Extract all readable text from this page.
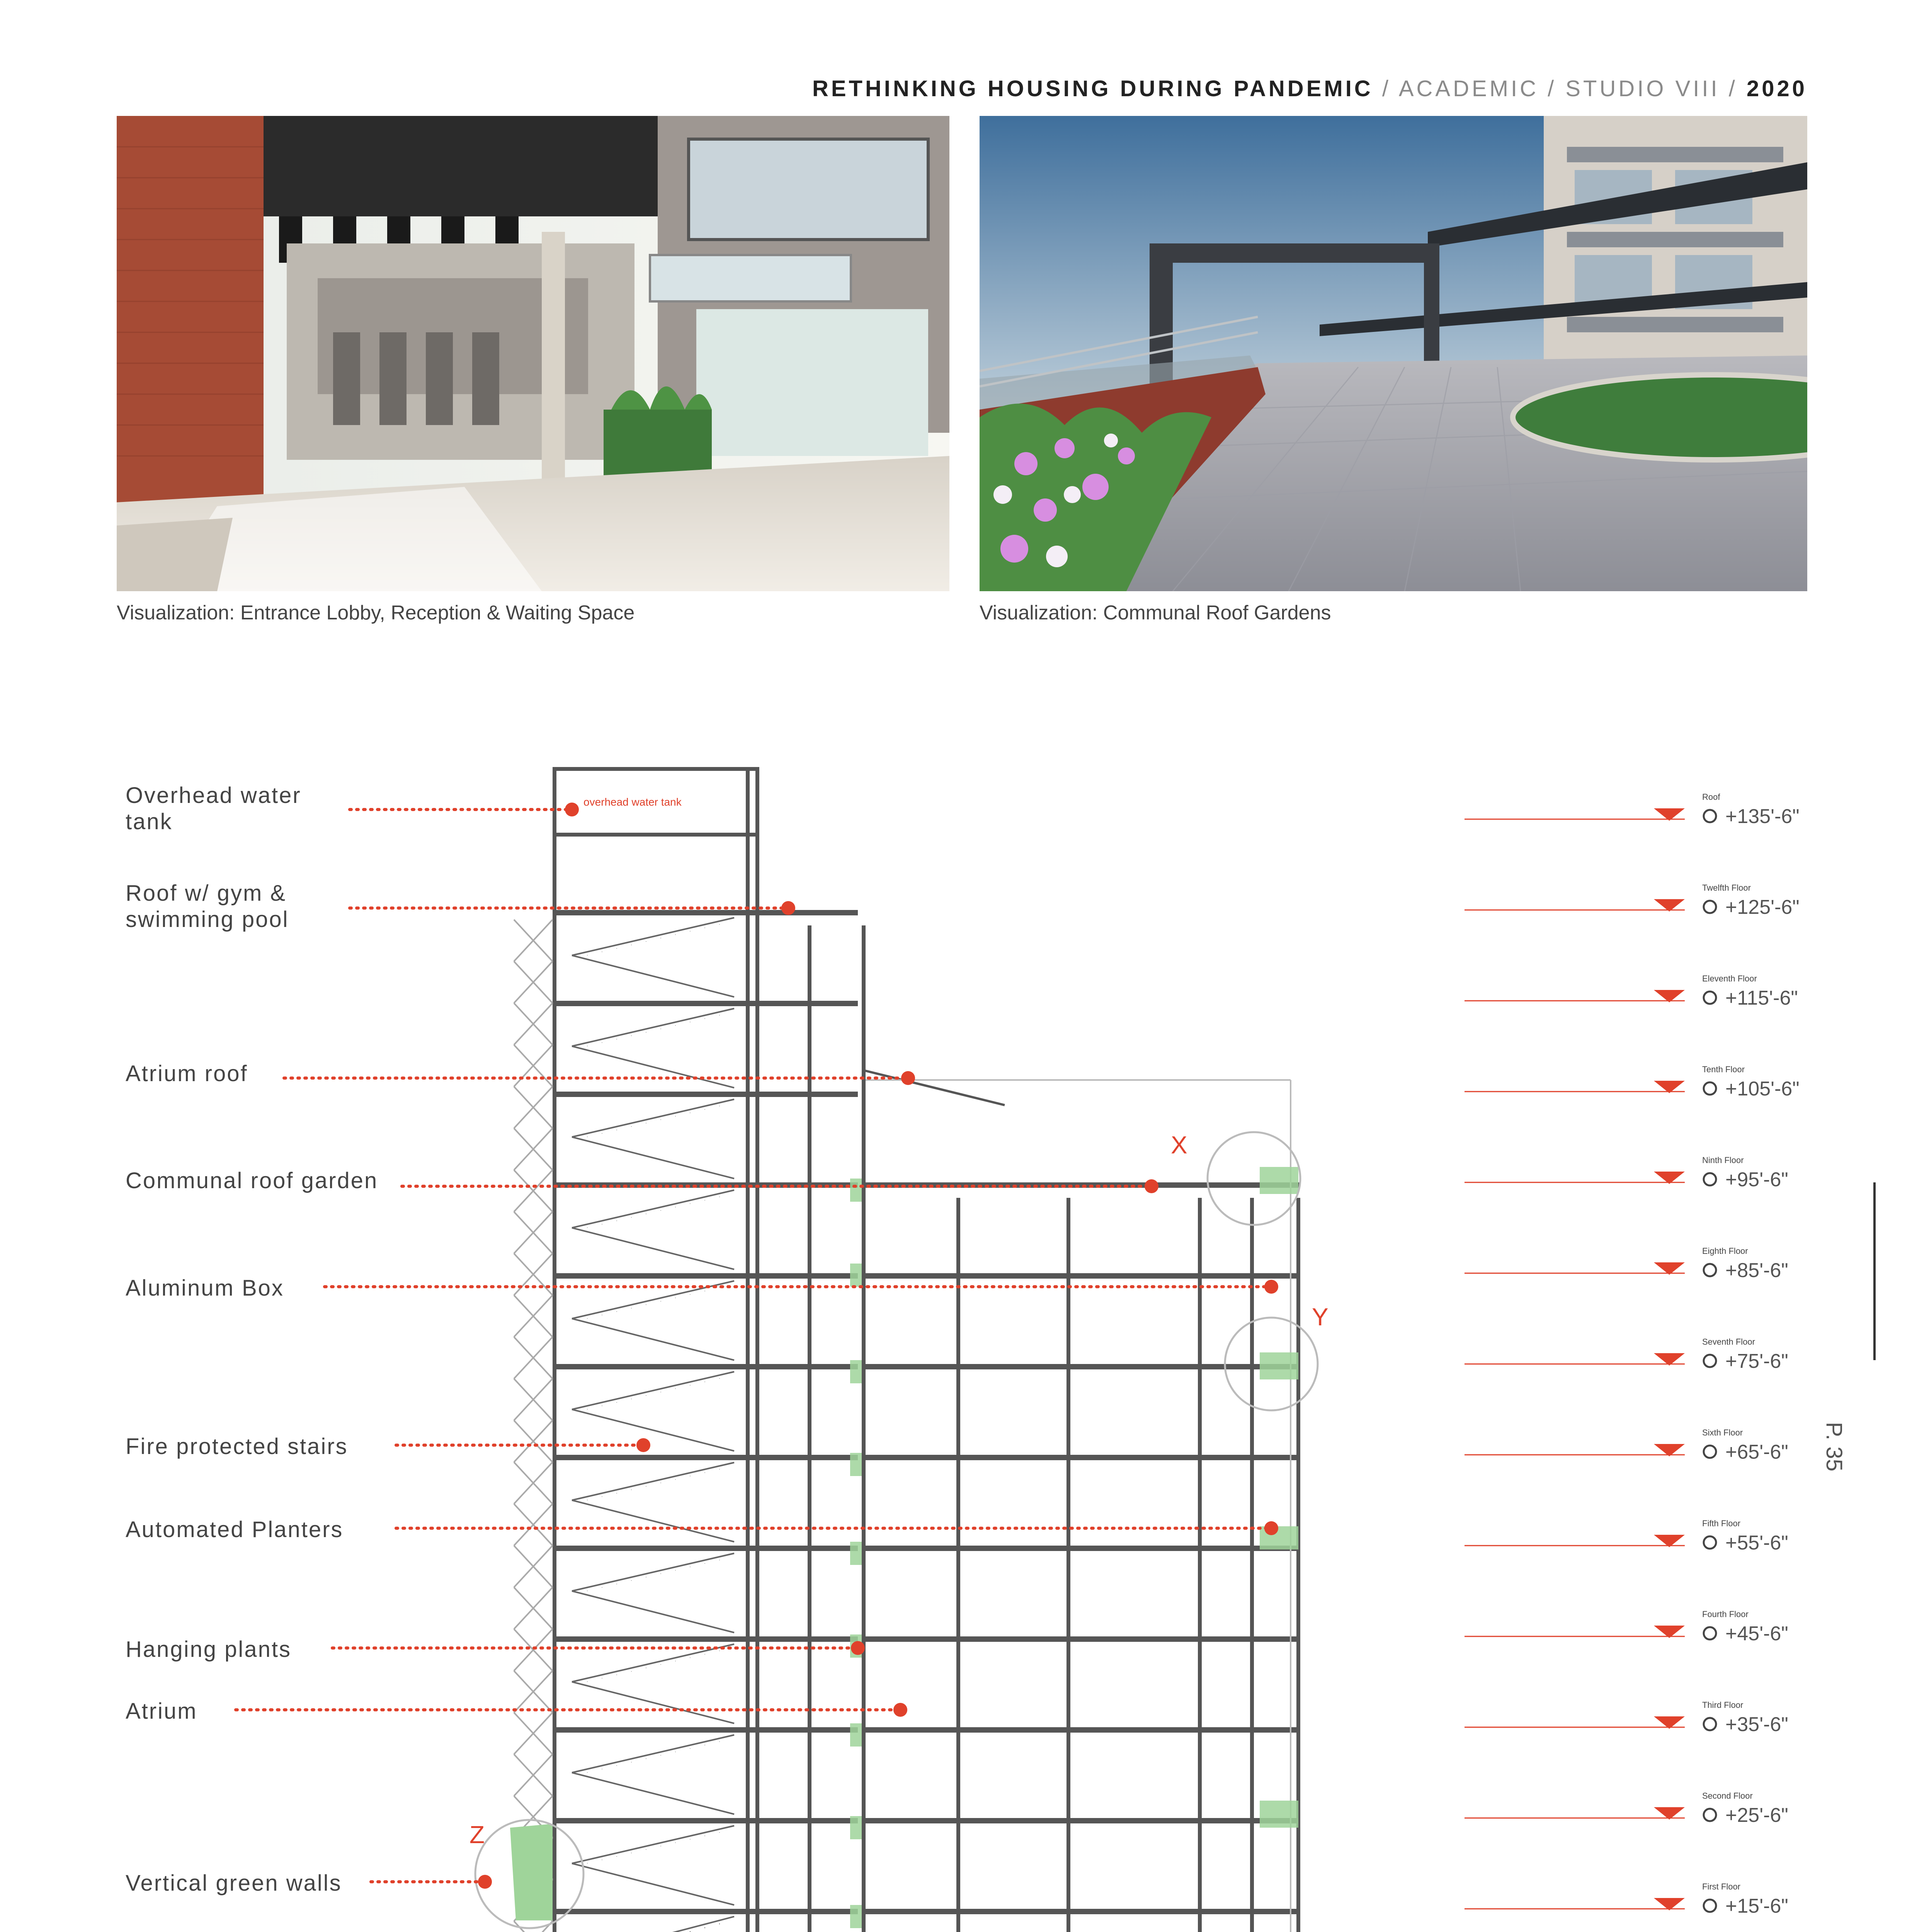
RETHINKING HOUSING DURING PANDEMIC / ACADEMIC / STUDIO VIII / 2020
Visualization: Entrance Lobby, Reception & Waiting Space	Visualization: Communal Roof Gardens
overhead water tank
X
Y
Z
Roof
+135'-6"
Twelfth Floor
+125'-6"
Eleventh Floor
+115'-6"
Tenth Floor
+105'-6"
Ninth Floor
+95'-6"
Eighth Floor
+85'-6"
Seventh Floor
+75'-6"
Sixth Floor
+65'-6"
Fifth Floor
+55'-6"
Fourth Floor
+45'-6"
Third Floor
+35'-6"
Second Floor
+25'-6"
First Floor
+15'-6"
Overhead water
tank
Roof w/ gym &
swimming pool
Atrium roof
Communal roof garden
Aluminum Box
Fire protected stairs
Automated Planters
Hanging plants
Atrium
Vertical green walls
P. 35
